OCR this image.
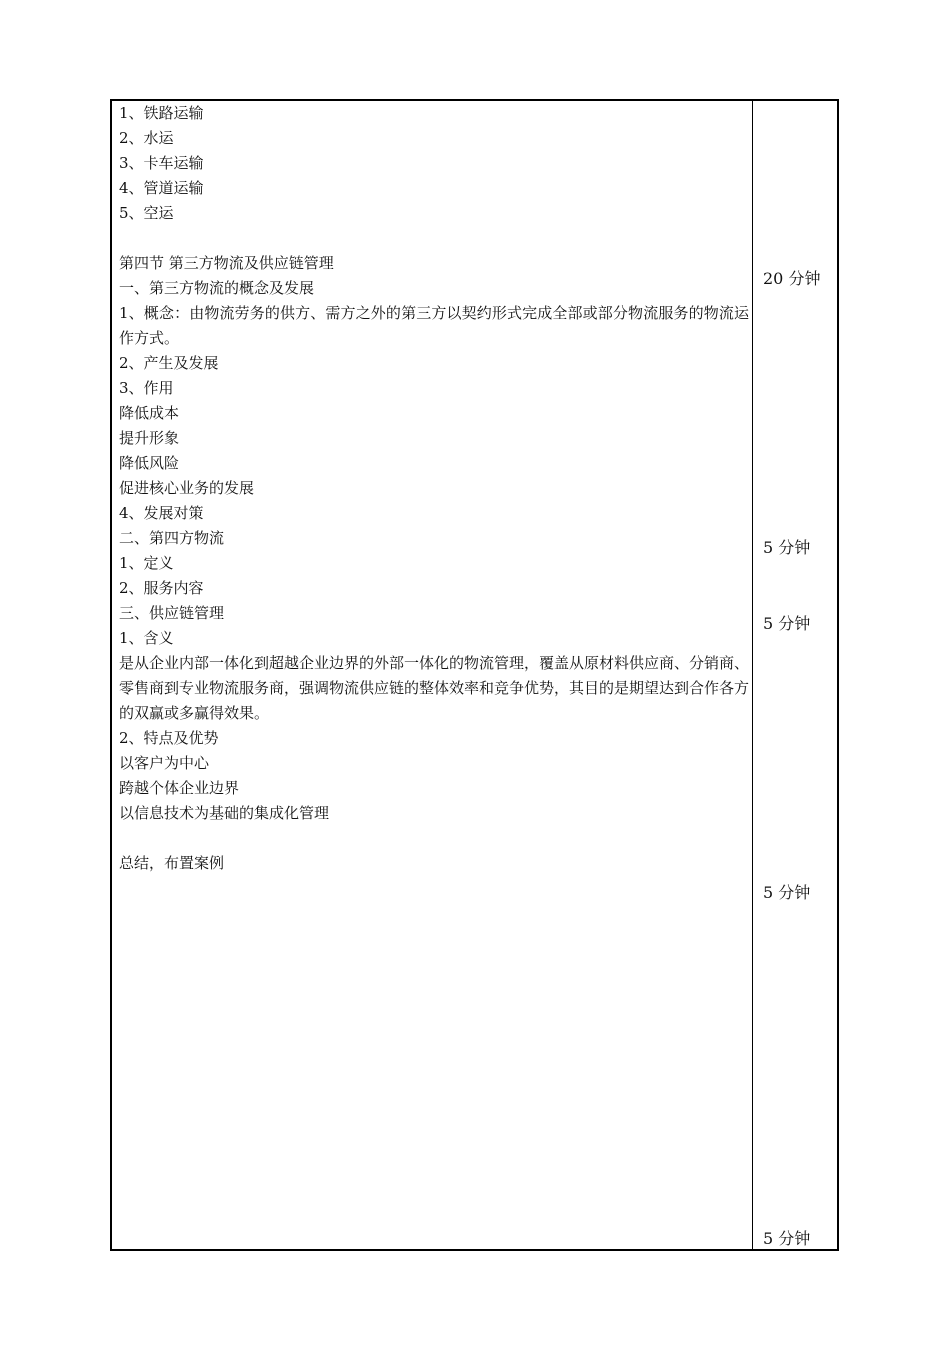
1、铁路运输
2、水运
3、卡车运输
4、管道运输
5、空运
第四节 第三方物流及供应链管理
一、第三方物流的概念及发展
1、概念：由物流劳务的供方、需方之外的第三方以契约形式完成全部或部分物流服务的物流运作方式。
2、产生及发展
3、作用
降低成本
提升形象
降低风险
促进核心业务的发展
4、发展对策
二、第四方物流
1、定义
2、服务内容
三、供应链管理
1、含义
是从企业内部一体化到超越企业边界的外部一体化的物流管理，覆盖从原材料供应商、分销商、零售商到专业物流服务商，强调物流供应链的整体效率和竞争优势，其目的是期望达到合作各方的双赢或多赢得效果。
2、特点及优势
以客户为中心
跨越个体企业边界
以信息技术为基础的集成化管理
总结，布置案例
20 分钟
5 分钟
5 分钟
5 分钟
5 分钟
